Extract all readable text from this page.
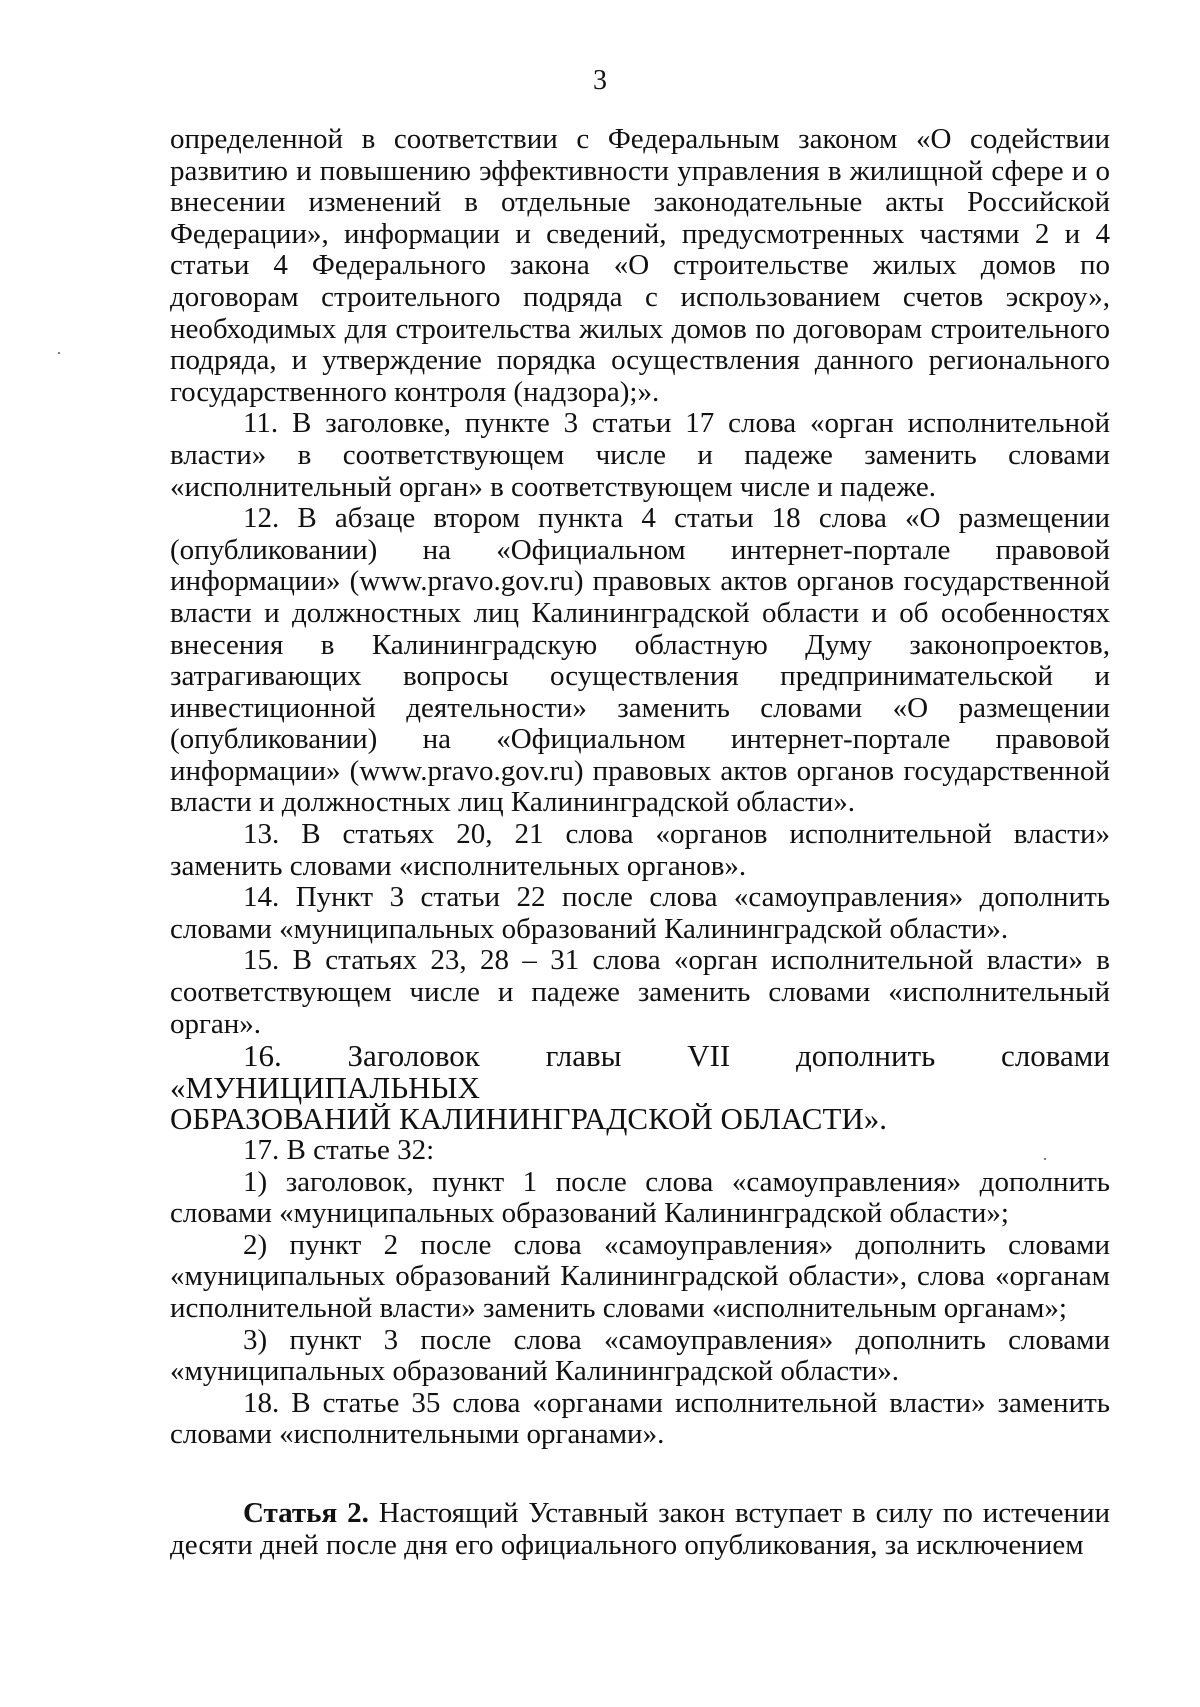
3

определенной в соответствии с Федеральным законом «О содействии развитию и повышению эффективности управления в жилищной сфере и о внесении изменений в отдельные законодательные акты Российской Федерации», информации и сведений, предусмотренных частями 2 и 4 статьи 4 Федерального закона «О строительстве жилых домов по договорам строительного подряда с использованием счетов эскроу», необходимых для строительства жилых домов по договорам строительного подряда, и утверждение порядка осуществления данного регионального государственного контроля (надзора);».

11. В заголовке, пункте 3 статьи 17 слова «орган исполнительной власти» в соответствующем числе и падеже заменить словами «исполнительный орган» в соответствующем числе и падеже.

12. В абзаце втором пункта 4 статьи 18 слова «О размещении (опубликовании) на «Официальном интернет-портале правовой информации» (www.pravo.gov.ru) правовых актов органов государственной власти и должностных лиц Калининградской области и об особенностях внесения в Калининградскую областную Думу законопроектов, затрагивающих вопросы осуществления предпринимательской и инвестиционной деятельности» заменить словами «О размещении (опубликовании) на «Официальном интернет-портале правовой информации» (www.pravo.gov.ru) правовых актов органов государственной власти и должностных лиц Калининградской области».

13. В статьях 20, 21 слова «органов исполнительной власти» заменить словами «исполнительных органов».

14. Пункт 3 статьи 22 после слова «самоуправления» дополнить словами «муниципальных образований Калининградской области».

15. В статьях 23, 28 – 31 слова «орган исполнительной власти» в соответствующем числе и падеже заменить словами «исполнительный орган».

16. Заголовок главы VII дополнить словами «МУНИЦИПАЛЬНЫХ

ОБРАЗОВАНИЙ КАЛИНИНГРАДСКОЙ ОБЛАСТИ».

17. В статье 32:

1) заголовок, пункт 1 после слова «самоуправления» дополнить словами «муниципальных образований Калининградской области»;

2) пункт 2 после слова «самоуправления» дополнить словами «муниципальных образований Калининградской области», слова «органам исполнительной власти» заменить словами «исполнительным органам»;

3) пункт 3 после слова «самоуправления» дополнить словами «муниципальных образований Калининградской области».

18. В статье 35 слова «органами исполнительной власти» заменить словами «исполнительными органами».

Статья 2. Настоящий Уставный закон вступает в силу по истечении десяти дней после дня его официального опубликования, за исключением
